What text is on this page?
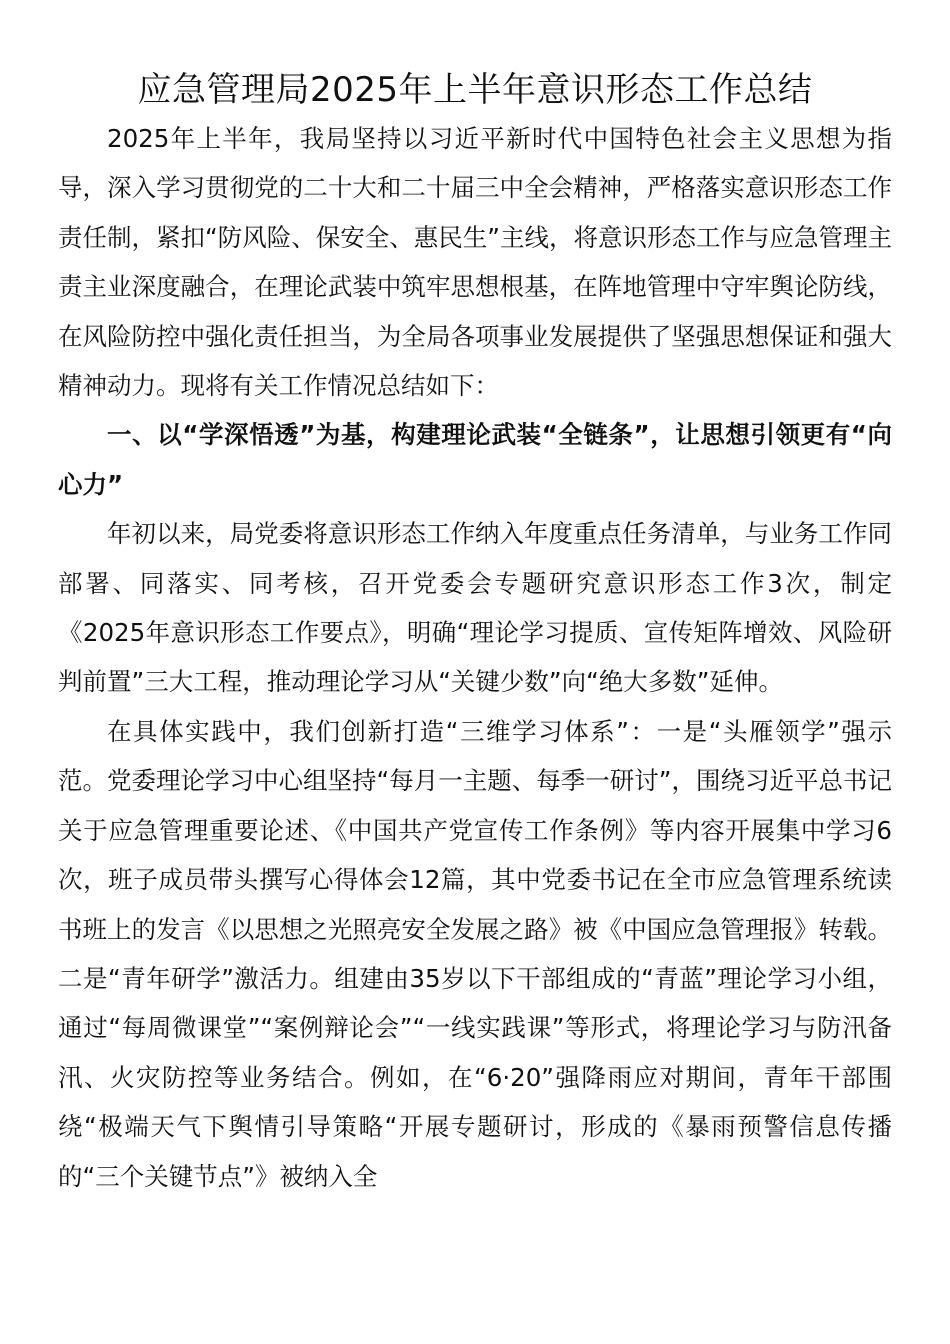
应急管理局2025年上半年意识形态工作总结

2025年上半年，我局坚持以习近平新时代中国特色社会主义思想为指导，深入学习贯彻党的二十大和二十届三中全会精神，严格落实意识形态工作责任制，紧扣“防风险、保安全、惠民生”主线，将意识形态工作与应急管理主责主业深度融合，在理论武装中筑牢思想根基，在阵地管理中守牢舆论防线，在风险防控中强化责任担当，为全局各项事业发展提供了坚强思想保证和强大精神动力。现将有关工作情况总结如下：

一、以“学深悟透”为基，构建理论武装“全链条”，让思想引领更有“向心力”

年初以来，局党委将意识形态工作纳入年度重点任务清单，与业务工作同部署、同落实、同考核，召开党委会专题研究意识形态工作3次，制定《2025年意识形态工作要点》，明确“理论学习提质、宣传矩阵增效、风险研判前置”三大工程，推动理论学习从“关键少数”向“绝大多数”延伸。

在具体实践中，我们创新打造“三维学习体系”：一是“头雁领学”强示范。党委理论学习中心组坚持“每月一主题、每季一研讨”，围绕习近平总书记关于应急管理重要论述、《中国共产党宣传工作条例》等内容开展集中学习6次，班子成员带头撰写心得体会12篇，其中党委书记在全市应急管理系统读书班上的发言《以思想之光照亮安全发展之路》被《中国应急管理报》转载。二是“青年研学”激活力。组建由35岁以下干部组成的“青蓝”理论学习小组，通过“每周微课堂”“案例辩论会”“一线实践课”等形式，将理论学习与防汛备汛、火灾防控等业务结合。例如，在“6·20”强降雨应对期间，青年干部围绕“极端天气下舆情引导策略“开展专题研讨，形成的《暴雨预警信息传播的“三个关键节点”》被纳入全
